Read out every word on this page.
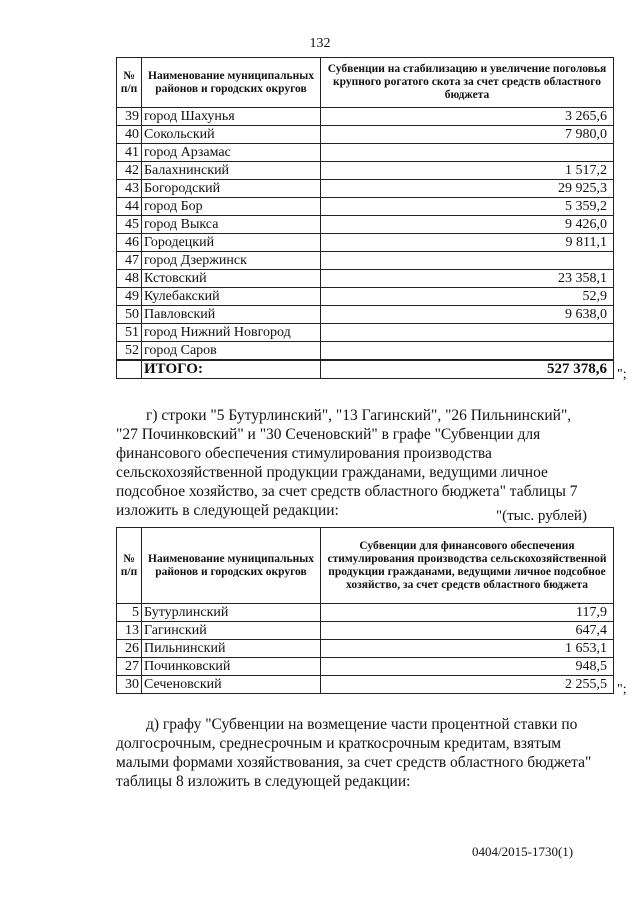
132
№ п/п	Наименование муниципальных районов и городских округов	Субвенции на стабилизацию и увеличение поголовья крупного рогатого скота за счет средств областного бюджета
39	город Шахунья	3 265,6
40	Сокольский	7 980,0
41	город Арзамас	
42	Балахнинский	1 517,2
43	Богородский	29 925,3
44	город Бор	5 359,2
45	город Выкса	9 426,0
46	Городецкий	9 811,1
47	город Дзержинск	
48	Кстовский	23 358,1
49	Кулебакский	52,9
50	Павловский	9 638,0
51	город Нижний Новгород	
52	город Саров	
	ИТОГО:	527 378,6 ";
г) строки "5 Бутурлинский", "13 Гагинский", "26 Пильнинский",
"27 Починковский" и "30 Сеченовский" в графе "Субвенции для
финансового обеспечения стимулирования производства
сельскохозяйственной продукции гражданами, ведущими личное
подсобное хозяйство, за счет средств областного бюджета" таблицы 7
изложить в следующей редакции:	"(тыс. рублей)
№ п/п	Наименование муниципальных районов и городских округов	Субвенции для финансового обеспечения стимулирования производства сельскохозяйственной продукции гражданами, ведущими личное подсобное хозяйство, за счет средств областного бюджета
5	Бутурлинский	117,9
13	Гагинский	647,4
26	Пильнинский	1 653,1
27	Починковский	948,5
30	Сеченовский	2 255,5 ";
д) графу "Субвенции на возмещение части процентной ставки по
долгосрочным, среднесрочным и краткосрочным кредитам, взятым
малыми формами хозяйствования, за счет средств областного бюджета"
таблицы 8 изложить в следующей редакции:
0404/2015-1730(1)
